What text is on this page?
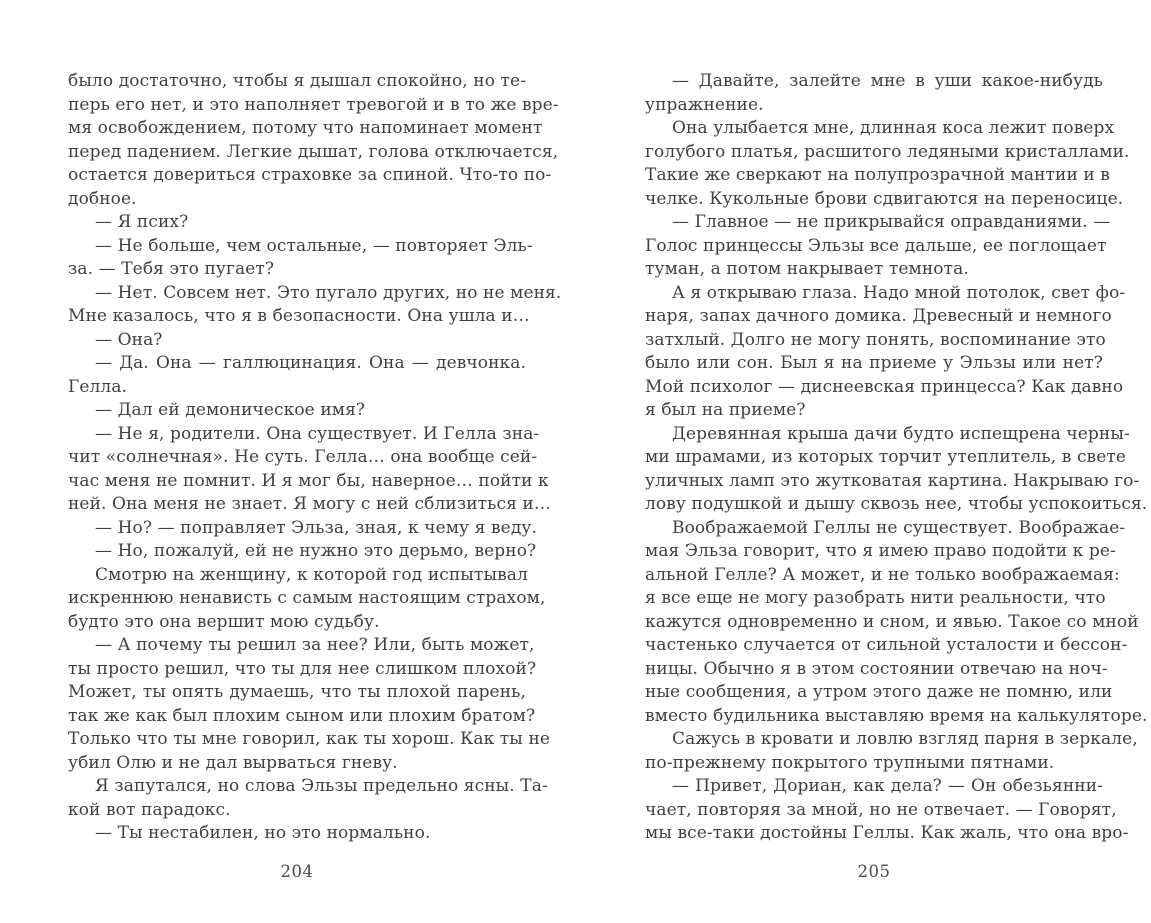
было достаточно, чтобы я дышал спокойно, но те-
перь его нет, и это наполняет тревогой и в то же вре-
мя освобождением, потому что напоминает момент
перед падением. Легкие дышат, голова отключается,
остается довериться страховке за спиной. Что-то по-
добное.
— Я псих?
— Не больше, чем остальные, — повторяет Эль-
за. — Тебя это пугает?
— Нет. Совсем нет. Это пугало других, но не меня.
Мне казалось, что я в безопасности. Она ушла и…
— Она?
— Да. Она — галлюцинация. Она — девчонка.
Гелла.
— Дал ей демоническое имя?
— Не я, родители. Она существует. И Гелла зна-
чит «солнечная». Не суть. Гелла… она вообще сей-
час меня не помнит. И я мог бы, наверное… пойти к
ней. Она меня не знает. Я могу с ней сблизиться и…
— Но? — поправляет Эльза, зная, к чему я веду.
— Но, пожалуй, ей не нужно это дерьмо, верно?
Смотрю на женщину, к которой год испытывал
искреннюю ненависть с самым настоящим страхом,
будто это она вершит мою судьбу.
— А почему ты решил за нее? Или, быть может,
ты просто решил, что ты для нее слишком плохой?
Может, ты опять думаешь, что ты плохой парень,
так же как был плохим сыном или плохим братом?
Только что ты мне говорил, как ты хорош. Как ты не
убил Олю и не дал вырваться гневу.
Я запутался, но слова Эльзы предельно ясны. Та-
кой вот парадокс.
— Ты нестабилен, но это нормально.
204
— Давайте, залейте мне в уши какое-нибудь
упражнение.
Она улыбается мне, длинная коса лежит поверх
голубого платья, расшитого ледяными кристаллами.
Такие же сверкают на полупрозрачной мантии и в
челке. Кукольные брови сдвигаются на переносице.
— Главное — не прикрывайся оправданиями. —
Голос принцессы Эльзы все дальше, ее поглощает
туман, а потом накрывает темнота.
А я открываю глаза. Надо мной потолок, свет фо-
наря, запах дачного домика. Древесный и немного
затхлый. Долго не могу понять, воспоминание это
было или сон. Был я на приеме у Эльзы или нет?
Мой психолог — диснеевская принцесса? Как давно
я был на приеме?
Деревянная крыша дачи будто испещрена черны-
ми шрамами, из которых торчит утеплитель, в свете
уличных ламп это жутковатая картина. Накрываю го-
лову подушкой и дышу сквозь нее, чтобы успокоиться.
Воображаемой Геллы не существует. Воображае-
мая Эльза говорит, что я имею право подойти к ре-
альной Гелле? А может, и не только воображаемая:
я все еще не могу разобрать нити реальности, что
кажутся одновременно и сном, и явью. Такое со мной
частенько случается от сильной усталости и бессон-
ницы. Обычно я в этом состоянии отвечаю на ноч-
ные сообщения, а утром этого даже не помню, или
вместо будильника выставляю время на калькуляторе.
Сажусь в кровати и ловлю взгляд парня в зеркале,
по-прежнему покрытого трупными пятнами.
— Привет, Дориан, как дела? — Он обезьянни-
чает, повторяя за мной, но не отвечает. — Говорят,
мы все-таки достойны Геллы. Как жаль, что она вро-
205
